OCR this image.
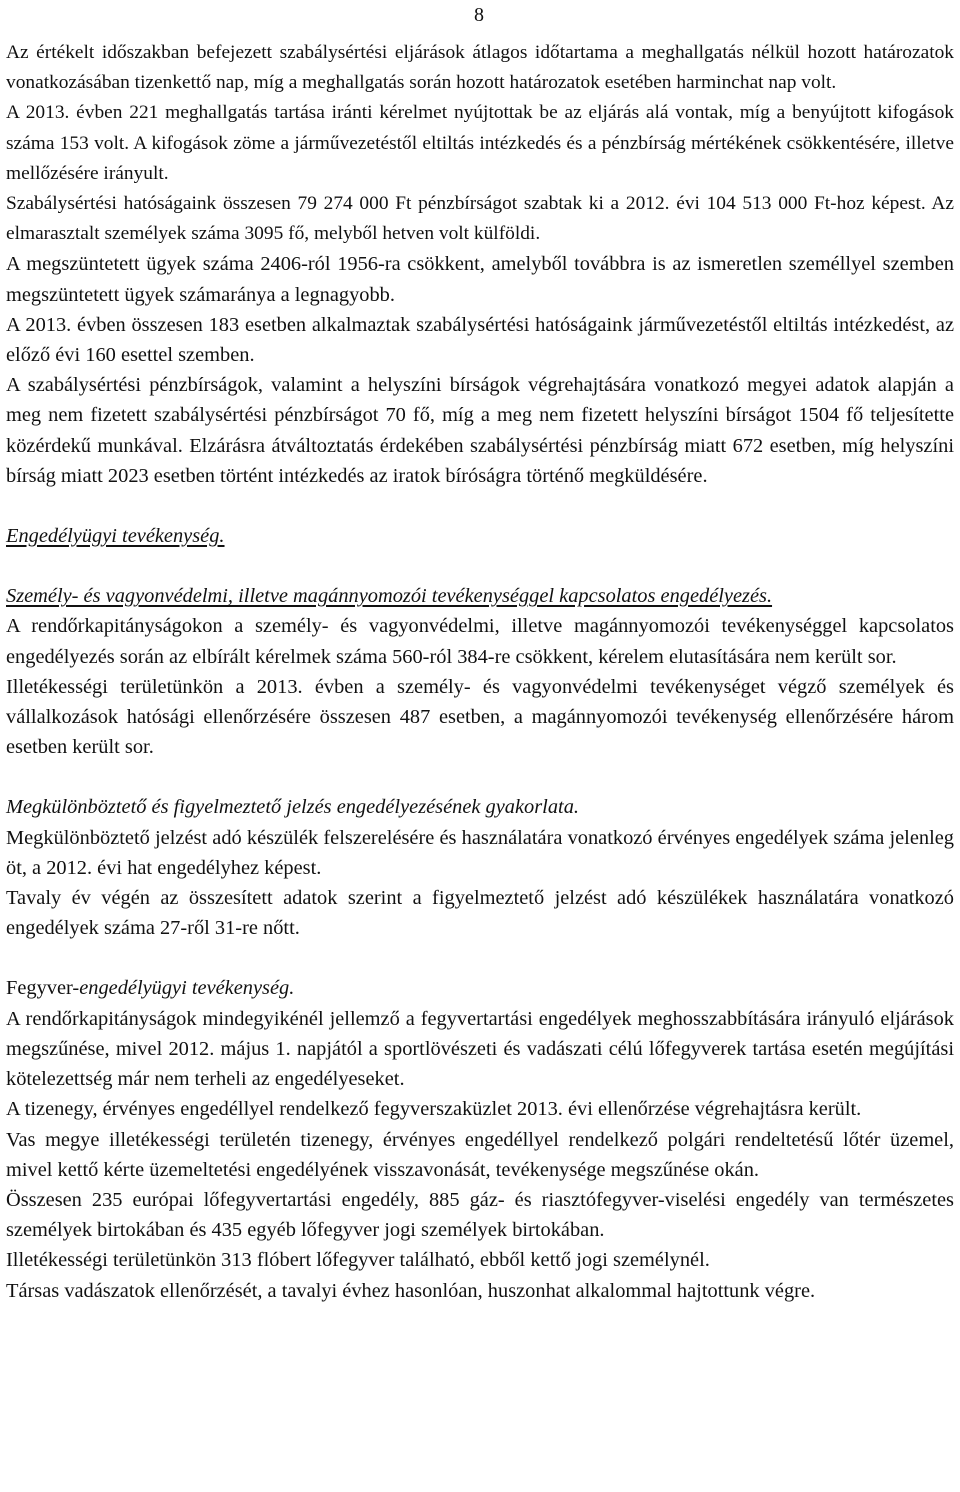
8

Az értékelt időszakban befejezett szabálysértési eljárások átlagos időtartama a meghallgatás nélkül hozott határozatok vonatkozásában tizenkettő nap, míg a meghallgatás során hozott határozatok esetében harminchat nap volt.

A 2013. évben 221 meghallgatás tartása iránti kérelmet nyújtottak be az eljárás alá vontak, míg a benyújtott kifogások száma 153 volt. A kifogások zöme a járművezetéstől eltiltás intézkedés és a pénzbírság mértékének csökkentésére, illetve mellőzésére irányult.

Szabálysértési hatóságaink összesen 79 274 000 Ft pénzbírságot szabtak ki a 2012. évi 104 513 000 Ft-hoz képest. Az elmarasztalt személyek száma 3095 fő, melyből hetven volt külföldi.

A megszüntetett ügyek száma 2406-ról 1956-ra csökkent, amelyből továbbra is az ismeretlen személlyel szemben megszüntetett ügyek számaránya a legnagyobb.

A 2013. évben összesen 183 esetben alkalmaztak szabálysértési hatóságaink járművezetéstől eltiltás intézkedést, az előző évi 160 esettel szemben.

A szabálysértési pénzbírságok, valamint a helyszíni bírságok végrehajtására vonatkozó megyei adatok alapján a meg nem fizetett szabálysértési pénzbírságot 70 fő, míg a meg nem fizetett helyszíni bírságot 1504 fő teljesítette közérdekű munkával. Elzárásra átváltoztatás érdekében szabálysértési pénzbírság miatt 672 esetben, míg helyszíni bírság miatt 2023 esetben történt intézkedés az iratok bíróságra történő megküldésére.

Engedélyügyi tevékenység.

Személy- és vagyonvédelmi, illetve magánnyomozói tevékenységgel kapcsolatos engedélyezés.

A rendőrkapitányságokon a személy- és vagyonvédelmi, illetve magánnyomozói tevékenységgel kapcsolatos engedélyezés során az elbírált kérelmek száma 560-ról 384-re csökkent, kérelem elutasítására nem került sor.

Illetékességi területünkön a 2013. évben a személy- és vagyonvédelmi tevékenységet végző személyek és vállalkozások hatósági ellenőrzésére összesen 487 esetben, a magánnyomozói tevékenység ellenőrzésére három esetben került sor.

Megkülönböztető és figyelmeztető jelzés engedélyezésének gyakorlata.

Megkülönböztető jelzést adó készülék felszerelésére és használatára vonatkozó érvényes engedélyek száma jelenleg öt, a 2012. évi hat engedélyhez képest.

Tavaly év végén az összesített adatok szerint a figyelmeztető jelzést adó készülékek használatára vonatkozó engedélyek száma 27-ről 31-re nőtt.

Fegyver-engedélyügyi tevékenység.

A rendőrkapitányságok mindegyikénél jellemző a fegyvertartási engedélyek meghosszabbítására irányuló eljárások megszűnése, mivel 2012. május 1. napjától a sportlövészeti és vadászati célú lőfegyverek tartása esetén megújítási kötelezettség már nem terheli az engedélyeseket.

A tizenegy, érvényes engedéllyel rendelkező fegyverszaküzlet 2013. évi ellenőrzése végrehajtásra került.

Vas megye illetékességi területén tizenegy, érvényes engedéllyel rendelkező polgári rendeltetésű lőtér üzemel, mivel kettő kérte üzemeltetési engedélyének visszavonását, tevékenysége megszűnése okán.

Összesen 235 európai lőfegyvertartási engedély, 885 gáz- és riasztófegyver-viselési engedély van természetes személyek birtokában és 435 egyéb lőfegyver jogi személyek birtokában.

Illetékességi területünkön 313 flóbert lőfegyver található, ebből kettő jogi személynél.

Társas vadászatok ellenőrzését, a tavalyi évhez hasonlóan, huszonhat alkalommal hajtottunk végre.
